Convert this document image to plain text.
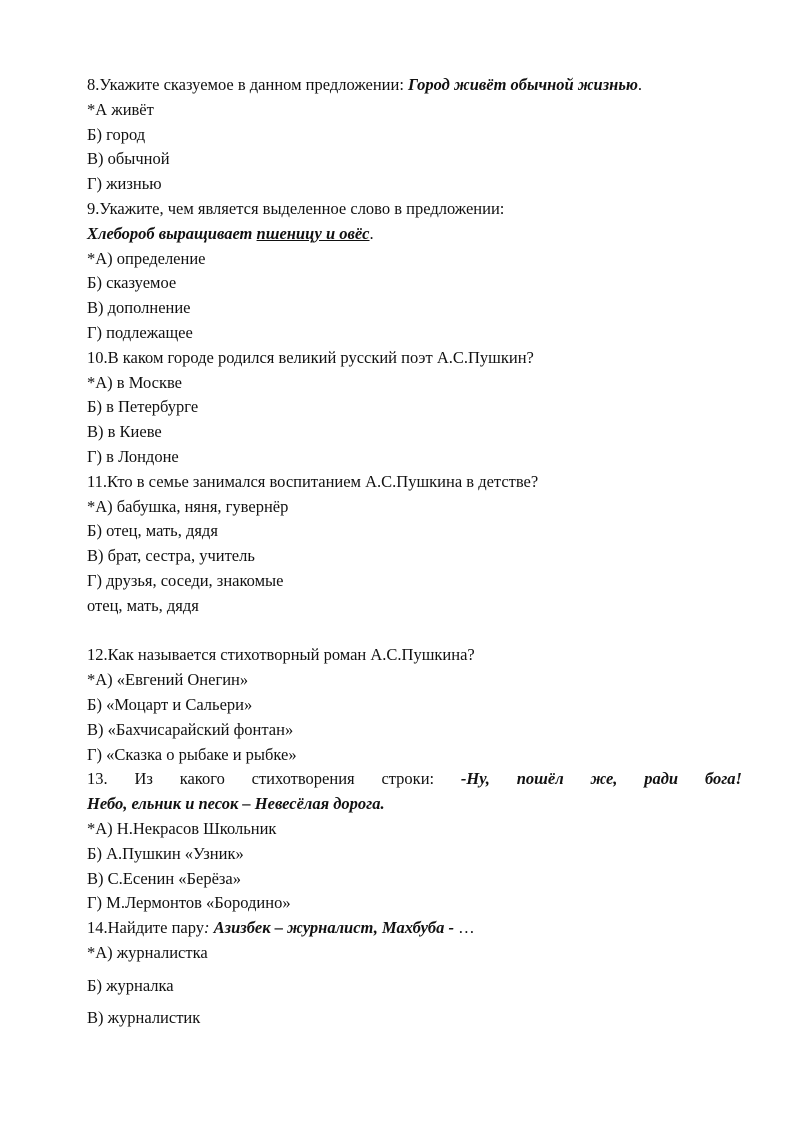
8.Укажите сказуемое в данном предложении: Город живёт обычной жизнью.
*А живёт
Б) город
В) обычной
Г) жизнью
9.Укажите, чем является выделенное слово в предложении:
Хлебороб выращивает пшеницу и овёс.
*А) определение
Б) сказуемое
В) дополнение
Г) подлежащее
10.В каком городе родился великий русский поэт А.С.Пушкин?
*А) в Москве
Б) в Петербурге
В) в Киеве
Г) в Лондоне
11.Кто в семье занимался воспитанием А.С.Пушкина в детстве?
*А) бабушка, няня, гувернёр
Б) отец, мать, дядя
В) брат, сестра, учитель
Г) друзья, соседи, знакомые
отец, мать, дядя
12.Как называется стихотворный роман А.С.Пушкина?
*А) «Евгений Онегин»
Б) «Моцарт и Сальери»
В) «Бахчисарайский фонтан»
Г) «Сказка о рыбаке и рыбке»
13. Из какого стихотворения строки: -Ну, пошёл же, ради бога!
Небо, ельник и песок – Невесёлая дорога.
*А) Н.Некрасов Школьник
Б) А.Пушкин «Узник»
В) С.Есенин «Берёза»
Г) М.Лермонтов «Бородино»
14.Найдите пару: Азизбек – журналист, Махбуба - …
*А) журналистка
Б) журналка
В) журналистик
